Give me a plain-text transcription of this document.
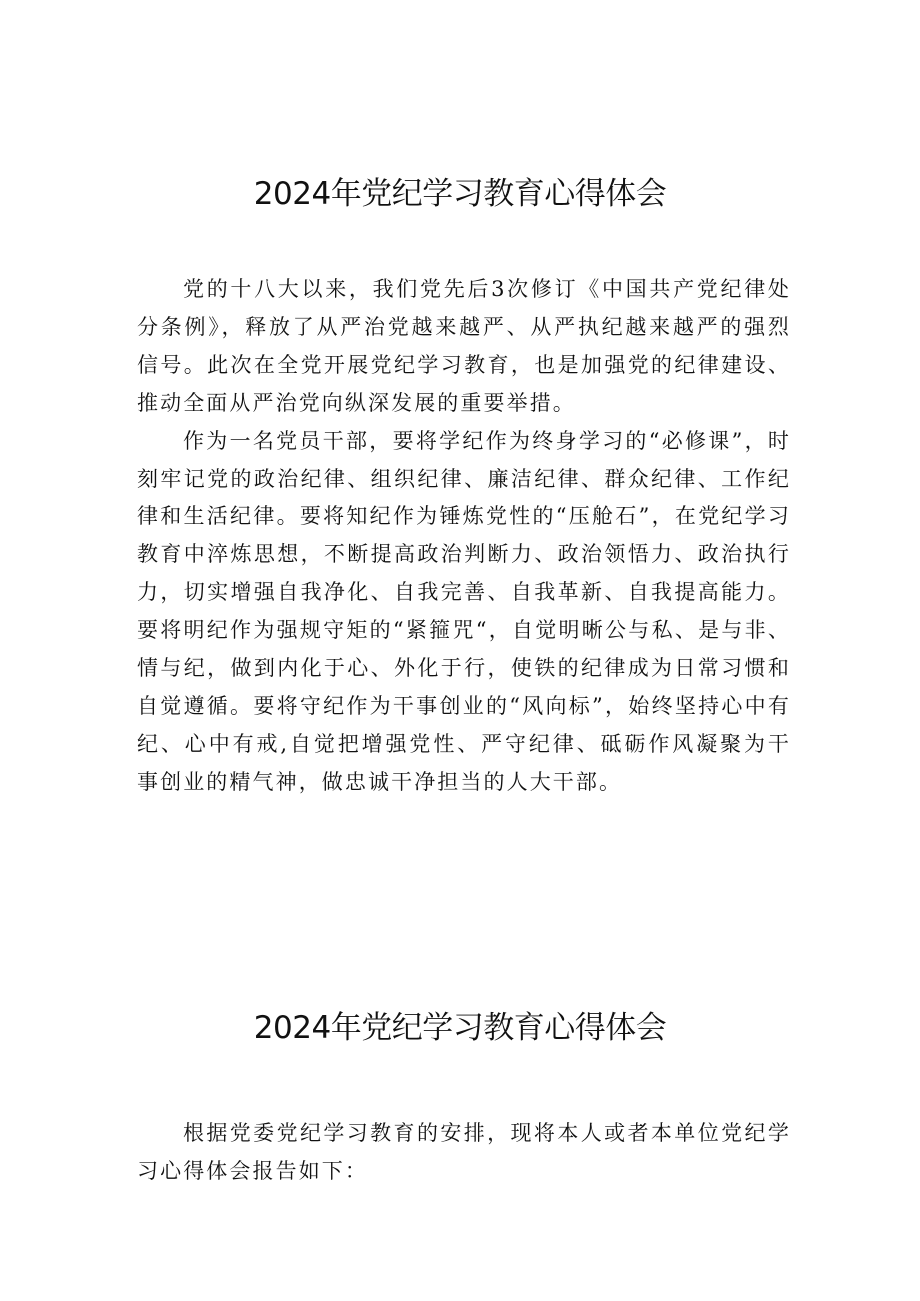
2024年党纪学习教育心得体会

党的十八大以来，我们党先后3次修订《中国共产党纪律处分条例》，释放了从严治党越来越严、从严执纪越来越严的强烈信号。此次在全党开展党纪学习教育，也是加强党的纪律建设、推动全面从严治党向纵深发展的重要举措。

作为一名党员干部，要将学纪作为终身学习的“必修课”，时刻牢记党的政治纪律、组织纪律、廉洁纪律、群众纪律、工作纪律和生活纪律。要将知纪作为锤炼党性的“压舱石”，在党纪学习教育中淬炼思想，不断提高政治判断力、政治领悟力、政治执行力，切实增强自我净化、自我完善、自我革新、自我提高能力。要将明纪作为强规守矩的“紧箍咒“，自觉明晰公与私、是与非、情与纪，做到内化于心、外化于行，使铁的纪律成为日常习惯和自觉遵循。要将守纪作为干事创业的“风向标”，始终坚持心中有纪、心中有戒,自觉把增强党性、严守纪律、砥砺作风凝聚为干事创业的精气神，做忠诚干净担当的人大干部。

2024年党纪学习教育心得体会

根据党委党纪学习教育的安排，现将本人或者本单位党纪学习心得体会报告如下：
